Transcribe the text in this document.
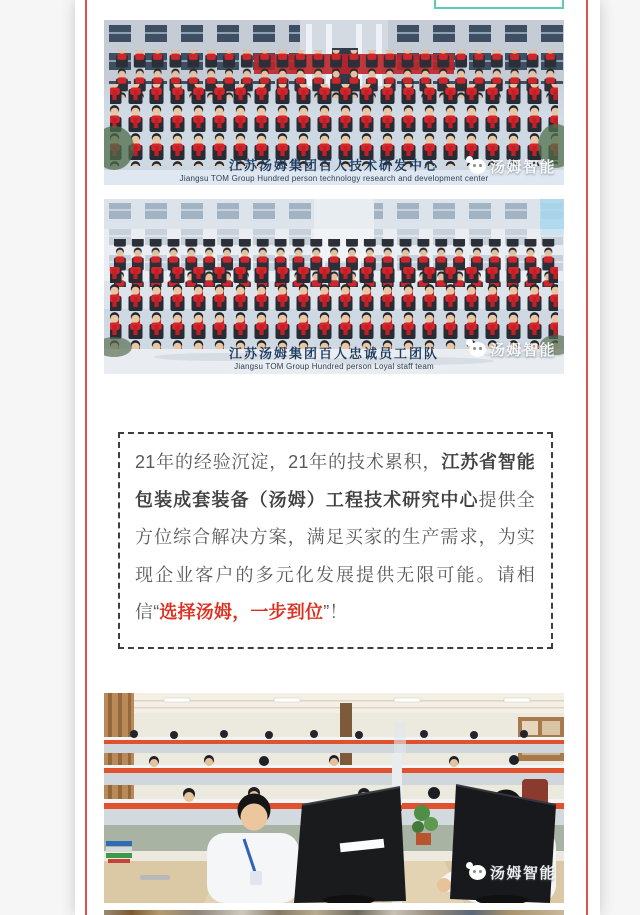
江苏汤姆集团百人技术研发中心
Jiangsu TOM Group Hundred person technology research and development center
汤姆智能
江苏汤姆集团百人忠诚员工团队
Jiangsu TOM Group Hundred person Loyal staff team
汤姆智能
21年的经验沉淀，21年的技术累积，江苏省智能包装成套装备（汤姆）工程技术研究中心提供全方位综合解决方案，满足买家的生产需求，为实现企业客户的多元化发展提供无限可能。请相信“选择汤姆，一步到位”！
汤姆智能
